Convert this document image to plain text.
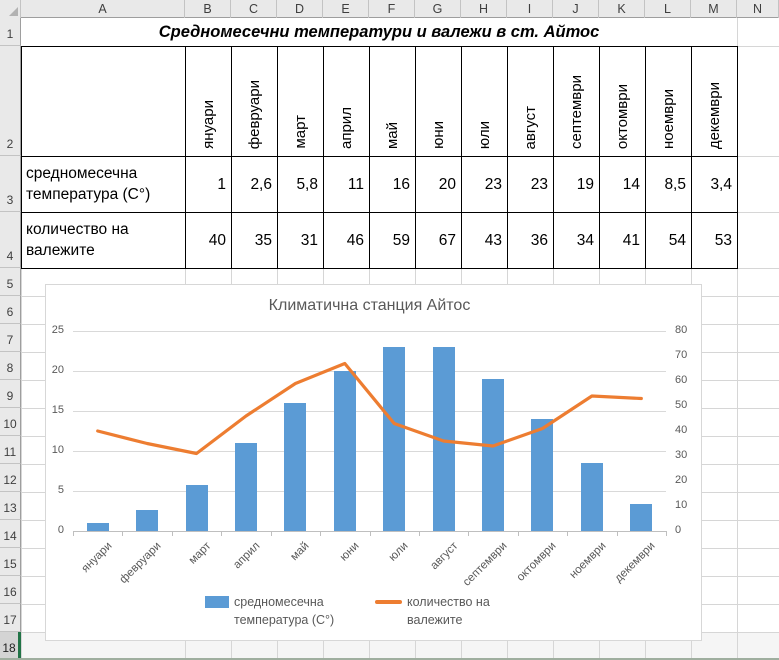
Средномесечни температури и валежи в ст. Айтос
януари февруари март април май юни юли август септември октомври ноември декември
средномесечна температура (C°)
1	2,6	5,8	11	16	20	23	23	19	14	8,5	3,4
количество на валежите
40	35	31	46	59	67	43	36	34	41	54	53
Климатична станция Айтос
средномесечна температура (C°)
количество на валежите
0
5
10
15
20
25
0
10
20
30
40
50
60
70
80
януари февруари март април май юни юли август септември октомври ноември декември
A	B	C	D	E	F	G	H	I	J	K	L	M	N
1
2
3
4
5
6
7
8
9
10
11
12
13
14
15
16
17
18
